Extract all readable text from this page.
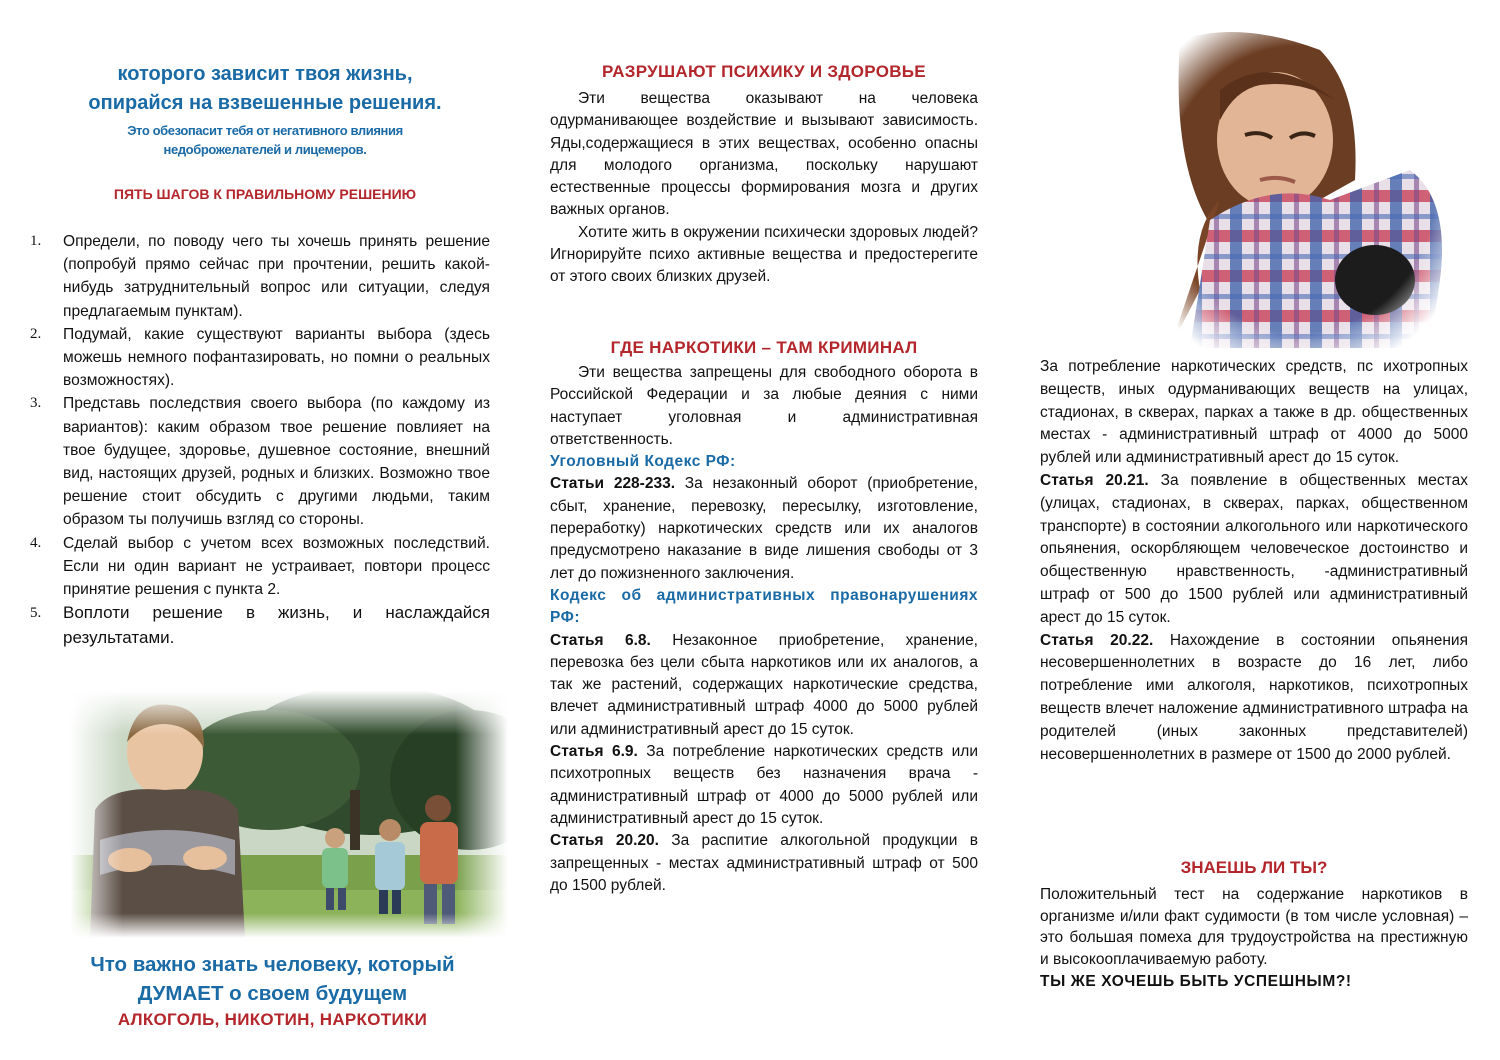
которого зависит твоя жизнь,
опирайся на взвешенные решения.
Это обезопасит тебя от негативного влияния
недоброжелателей и лицемеров.
ПЯТЬ ШАГОВ К ПРАВИЛЬНОМУ РЕШЕНИЮ
1. Определи, по поводу чего ты хочешь принять решение (попробуй прямо сейчас при прочтении, решить какой-нибудь затруднительный вопрос или ситуации, следуя предлагаемым пунктам).
2. Подумай, какие существуют варианты выбора (здесь можешь немного пофантазировать, но помни о реальных возможностях).
3. Представь последствия своего выбора (по каждому из вариантов): каким образом твое решение повлияет на твое будущее, здоровье, душевное состояние, внешний вид, настоящих друзей, родных и близких. Возможно твое решение стоит обсудить с другими людьми, таким образом ты получишь взгляд со стороны.
4. Сделай выбор с учетом всех возможных последствий. Если ни один вариант не устраивает, повтори процесс принятие решения с пункта 2.
5. Воплоти решение в жизнь, и наслаждайся результатами.
Что важно знать человеку, который
ДУМАЕТ о своем будущем
АЛКОГОЛЬ, НИКОТИН, НАРКОТИКИ
РАЗРУШАЮТ ПСИХИКУ И ЗДОРОВЬЕ

Эти вещества оказывают на человека одурманивающее воздействие и вызывают зависимость. Яды,содержащиеся в этих веществах, особенно опасны для молодого организма, поскольку нарушают естественные процессы формирования мозга и других важных органов.

Хотите жить в окружении психически здоровых людей? Игнорируйте психо активные вещества и предостерегите от этого своих близких друзей.

ГДЕ НАРКОТИКИ – ТАМ КРИМИНАЛ

Эти вещества запрещены для свободного оборота в Российской Федерации и за любые деяния с ними наступает уголовная и административная ответственность.

Уголовный Кодекс РФ:

Статьи 228-233. За незаконный оборот (приобретение, сбыт, хранение, перевозку, пересылку, изготовление, переработку) наркотических средств или их аналогов предусмотрено наказание в виде лишения свободы от 3 лет до пожизненного заключения.

Кодекс об административных правонарушениях РФ:

Статья 6.8. Незаконное приобретение, хранение, перевозка без цели сбыта наркотиков или их аналогов, а так же растений, содержащих наркотические средства, влечет административный штраф 4000 до 5000 рублей или административный арест до 15 суток.

Статья 6.9. За потребление наркотических средств или психотропных веществ без назначения врача - административный штраф от 4000 до 5000 рублей или административный арест до 15 суток.

Статья 20.20. За распитие алкогольной продукции в запрещенных - местах административный штраф от 500 до 1500 рублей.

За потребление наркотических средств, пс ихотропных веществ, иных одурманивающих веществ на улицах, стадионах, в скверах, парках а также в др. общественных местах - административный штраф от 4000 до 5000 рублей или административный арест до 15 суток.

Статья 20.21. За появление в общественных местах (улицах, стадионах, в скверах, парках, общественном транспорте) в состоянии алкогольного или наркотического опьянения, оскорбляющем человеческое достоинство и общественную нравственность, -административный штраф от 500 до 1500 рублей или административный арест до 15 суток.

Статья 20.22. Нахождение в состоянии опьянения несовершеннолетних в возрасте до 16 лет, либо потребление ими алкоголя, наркотиков, психотропных веществ влечет наложение административного штрафа на родителей (иных законных представителей) несовершеннолетних в размере от 1500 до 2000 рублей.

ЗНАЕШЬ ЛИ ТЫ?

Положительный тест на содержание наркотиков в организме и/или факт судимости (в том числе условная) – это большая помеха для трудоустройства на престижную и высокооплачиваемую работу.

ТЫ ЖЕ ХОЧЕШЬ БЫТЬ УСПЕШНЫМ?!
